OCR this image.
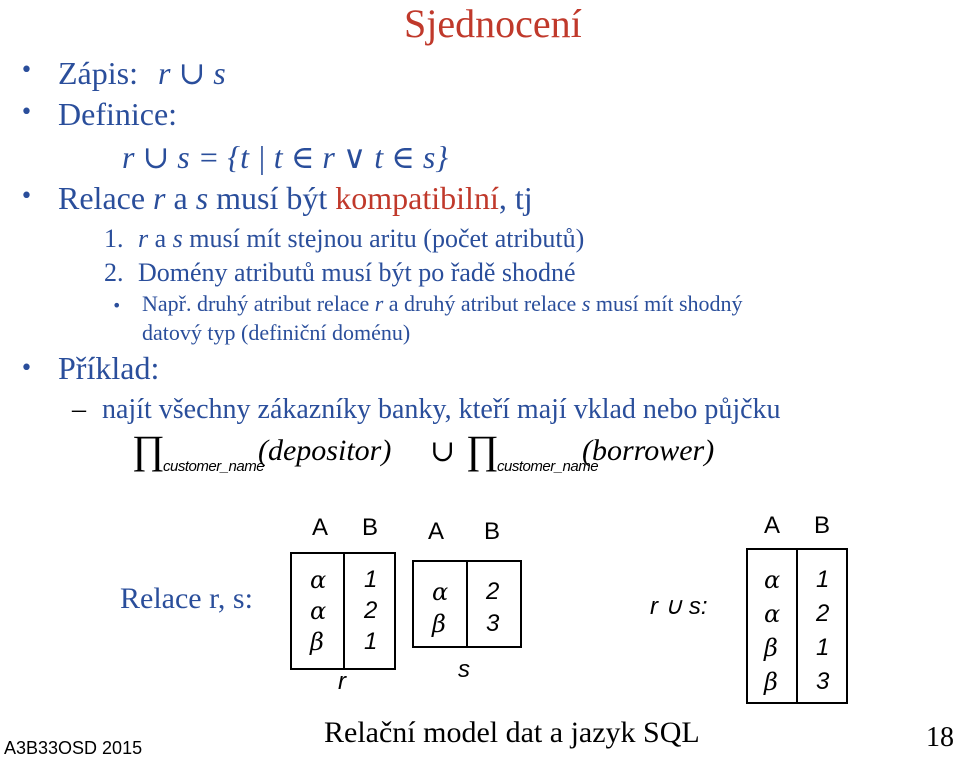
Sjednocení
• Zápis: r ∪ s
• Definice:
r ∪ s = {t | t ∈ r ∨ t ∈ s}
• Relace r a s musí být kompatibilní, tj
1. r a s musí mít stejnou aritu (počet atributů)
2. Domény atributů musí být po řadě shodné
• Např. druhý atribut relace r a druhý atribut relace s musí mít shodný
datový typ (definiční doménu)
• Příklad:
– najít všechny zákazníky banky, kteří mají vklad nebo půjčku
∏
customer_name
(depositor) ∪ ∏
customer_name
(borrower)
Relace r, s:
A B
α
α
β
1
2
1
r
A B
α
β
2
3
s
r ∪ s:
A B
α
α
β
β
1
2
1
3
A3B33OSD 2015	Relační model dat a jazyk SQL	18
